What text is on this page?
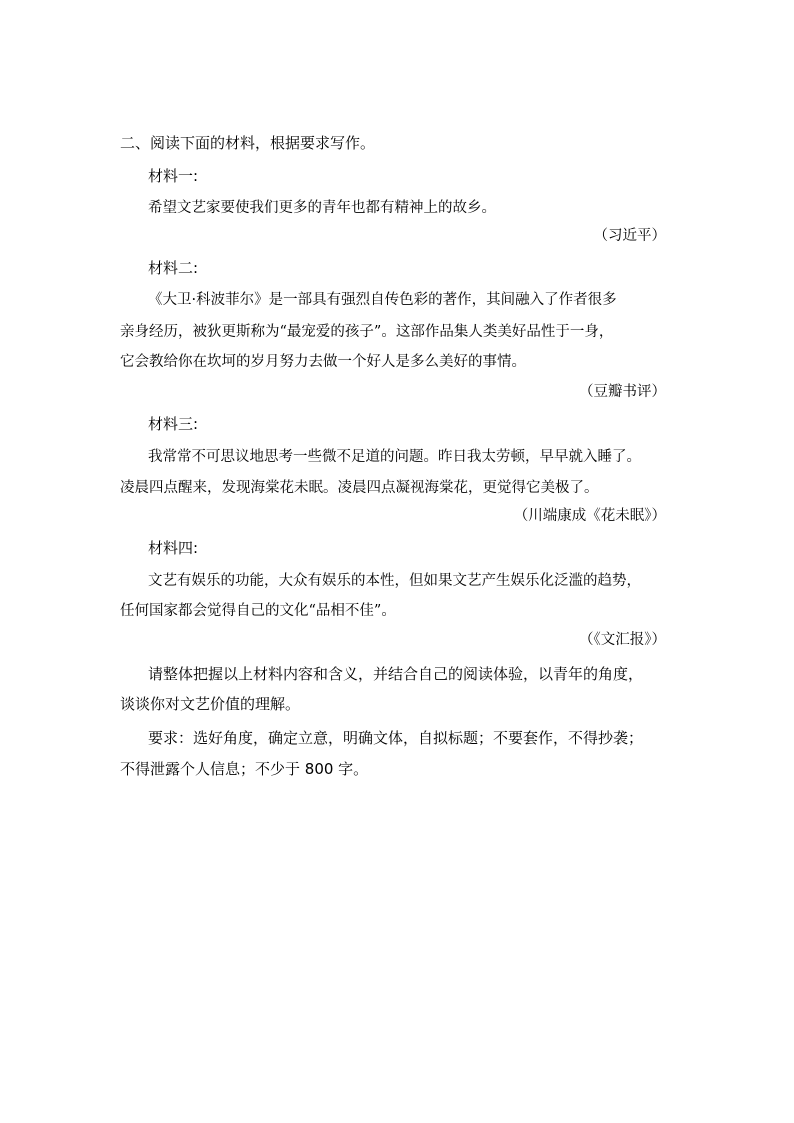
二、阅读下面的材料，根据要求写作。
材料一:
希望文艺家要使我们更多的青年也都有精神上的故乡。
（习近平）
材料二:
《大卫·科波菲尔》是一部具有强烈自传色彩的著作，其间融入了作者很多
亲身经历，被狄更斯称为“最宠爱的孩子”。这部作品集人类美好品性于一身，
它会教给你在坎坷的岁月努力去做一个好人是多么美好的事情。
（豆瓣书评）
材料三:
我常常不可思议地思考一些微不足道的问题。昨日我太劳顿，早早就入睡了。
凌晨四点醒来，发现海棠花未眠。凌晨四点凝视海棠花，更觉得它美极了。
（川端康成《花未眠》）
材料四:
文艺有娱乐的功能，大众有娱乐的本性，但如果文艺产生娱乐化泛滥的趋势，
任何国家都会觉得自己的文化“品相不佳”。
（《文汇报》）
请整体把握以上材料内容和含义，并结合自己的阅读体验，以青年的角度，
谈谈你对文艺价值的理解。
要求：选好角度，确定立意，明确文体，自拟标题；不要套作，不得抄袭；
不得泄露个人信息；不少于 800 字。
